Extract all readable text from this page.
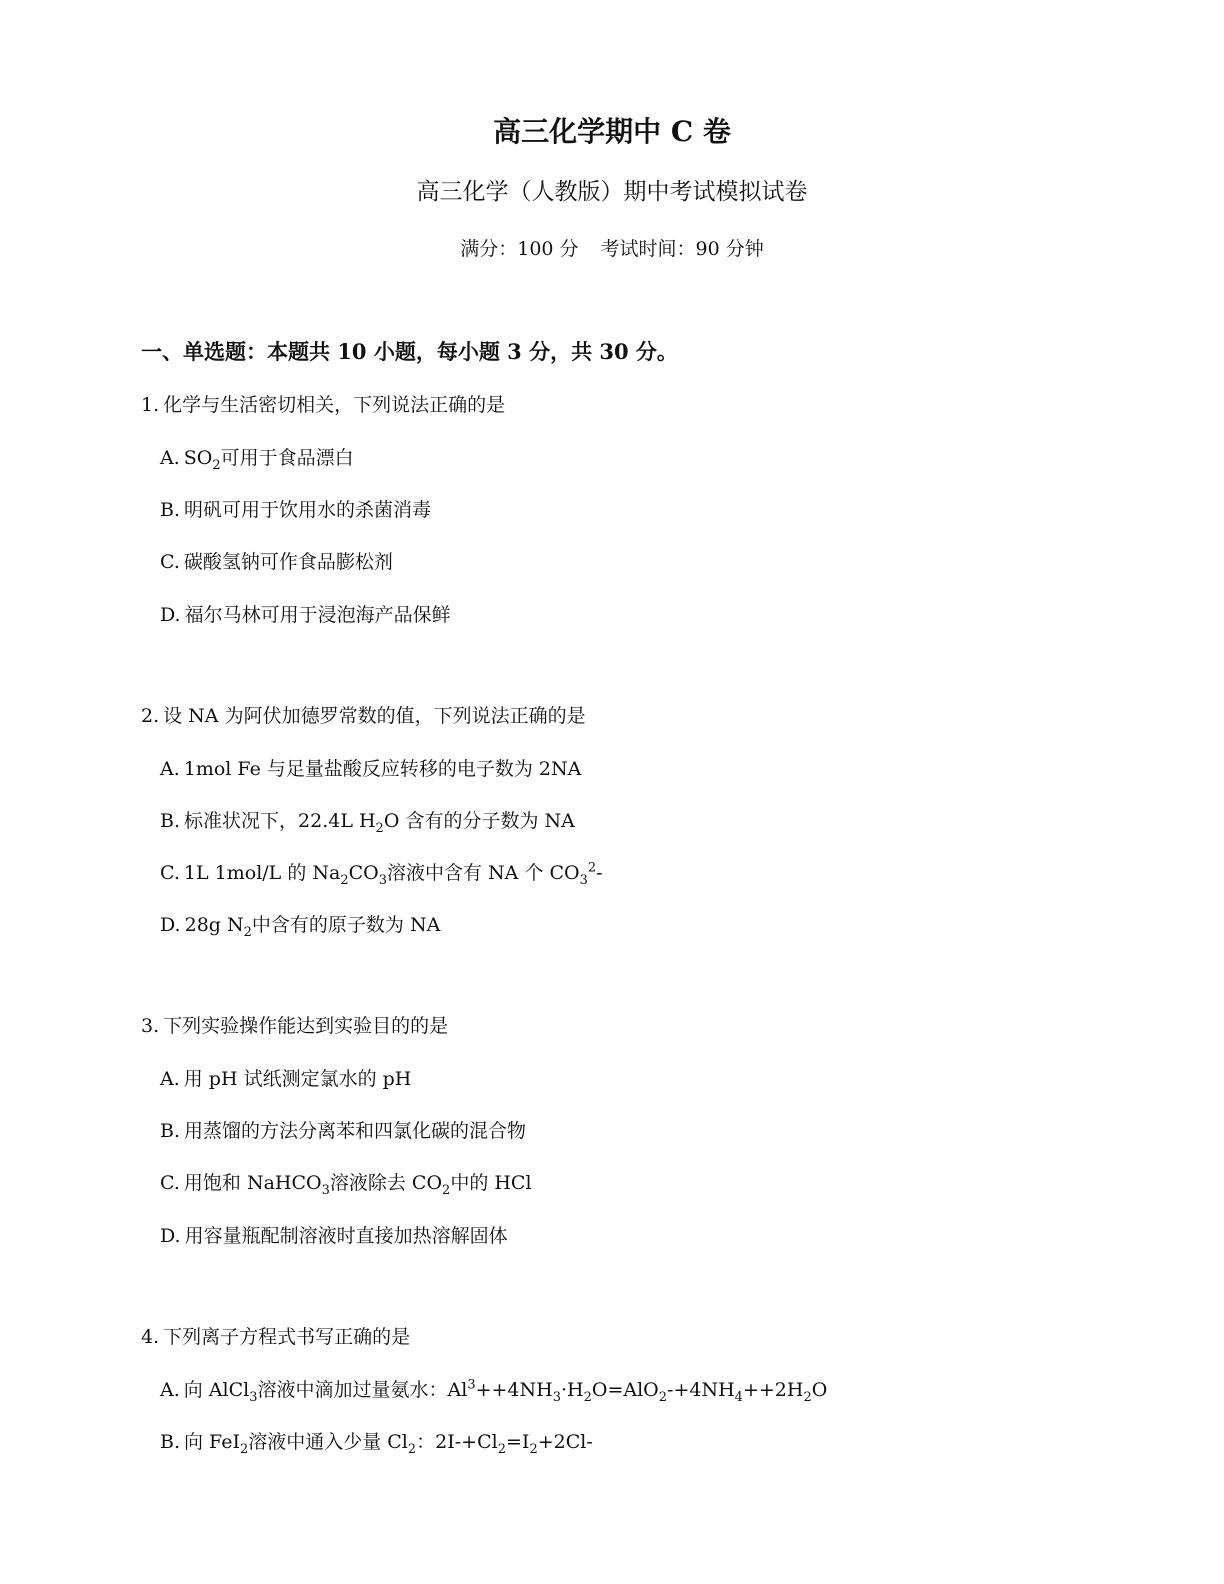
高三化学期中 C 卷
高三化学（人教版）期中考试模拟试卷
满分：100 分 考试时间：90 分钟
一、单选题：本题共 10 小题，每小题 3 分，共 30 分。
1. 化学与生活密切相关，下列说法正确的是
A. $SO_2$可用于食品漂白
B. 明矾可用于饮用水的杀菌消毒
C. 碳酸氢钠可作食品膨松剂
D. 福尔马林可用于浸泡海产品保鲜
2. 设 NA 为阿伏加德罗常数的值，下列说法正确的是
A. 1mol Fe 与足量盐酸反应转移的电子数为 2NA
B. 标准状况下，22.4L $H_2O$ 含有的分子数为 NA
C. 1L 1mol/L 的 $Na_2CO_3$溶液中含有 NA 个 $CO_3^2-$
D. 28g $N_2$中含有的原子数为 NA
3. 下列实验操作能达到实验目的的是
A. 用 pH 试纸测定氯水的 pH
B. 用蒸馏的方法分离苯和四氯化碳的混合物
C. 用饱和 NaHCO$_3$溶液除去 $CO_2$中的 HCl
D. 用容量瓶配制溶液时直接加热溶解固体
4. 下列离子方程式书写正确的是
A. 向 AlCl$_3$溶液中滴加过量氨水：$Al^3++4NH_3\cdot H_2O=AlO_2-+4NH_4++2H_2O$
B. 向 FeI$_2$溶液中通入少量 $Cl_2$：$2I-+Cl_2=I_2+2Cl-$
